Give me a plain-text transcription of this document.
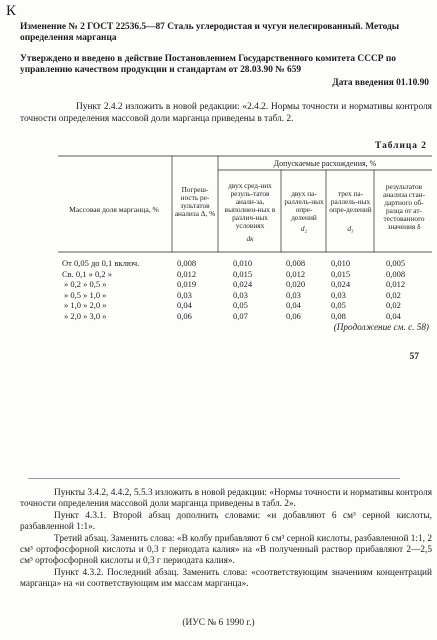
К
Изменение № 2 ГОСТ 22536.5—87 Сталь углеродистая и чугун нелегированный. Методы определения марганца
Утверждено и введено в действие Постановлением Государственного комитета СССР по управлению качеством продукции и стандартам от 28.03.90 № 659
Дата введения 01.10.90
Пункт 2.4.2 изложить в новой редакции: «2.4.2. Нормы точности и нормативы контроля точности определения массовой доли марганца приведены в табл. 2.
Таблица 2
Допускаемые расхождения, %
Массовая доля марганца, %
Погреш-ность ре-зультатов анализа Δ, %
двух сред-них резуль-татов анали-за, выполнен-ных в различ-ных условиях
dк
двух па-раллель-ных опре-делений
d₂
трех па-раллель-ных опре-делений
d₃
результатов анализа стан-дартного об-разца от ат-тестованного значения δ
От 0,05 до 0,1 включ.
Св. 0,1 » 0,2 »
» 0,2 » 0,5 »
» 0,5 » 1,0 »
» 1,0 » 2,0 »
» 2,0 » 3,0 »
0,008
0,012
0,019
0,03
0,04
0,06
0,010
0,015
0,024
0,03
0,05
0,07
0,008
0,012
0,020
0,03
0,04
0,06
0,010
0,015
0,024
0,03
0,05
0,08
0,005
0,008
0,012
0,02
0,02
0,04
(Продолжение см. с. 58)
57

Пункты 3.4.2, 4.4.2, 5.5.3 изложить в новой редакции: «Нормы точности и нормативы контроля точности определения массовой доли марганца приведены в табл. 2».

Пункт 4.3.1. Второй абзац дополнить словами: «и добавляют 6 см³ серной кислоты, разбавленной 1:1».

Третий абзац. Заменить слова: «В колбу прибавляют 6 см³ серной кислоты, разбавленной 1:1, 2 см³ ортофосфорной кислоты и 0,3 г периодата калия» на «В полученный раствор прибавляют 2—2,5 см³ ортофосфорной кислоты и 0,3 г периодата калия».

Пункт 4.3.2. Последний абзац. Заменить слова: «соответствующим значениям концентраций марганца» на «и соответствующим им массам марганца».

(ИУС № 6 1990 г.)
